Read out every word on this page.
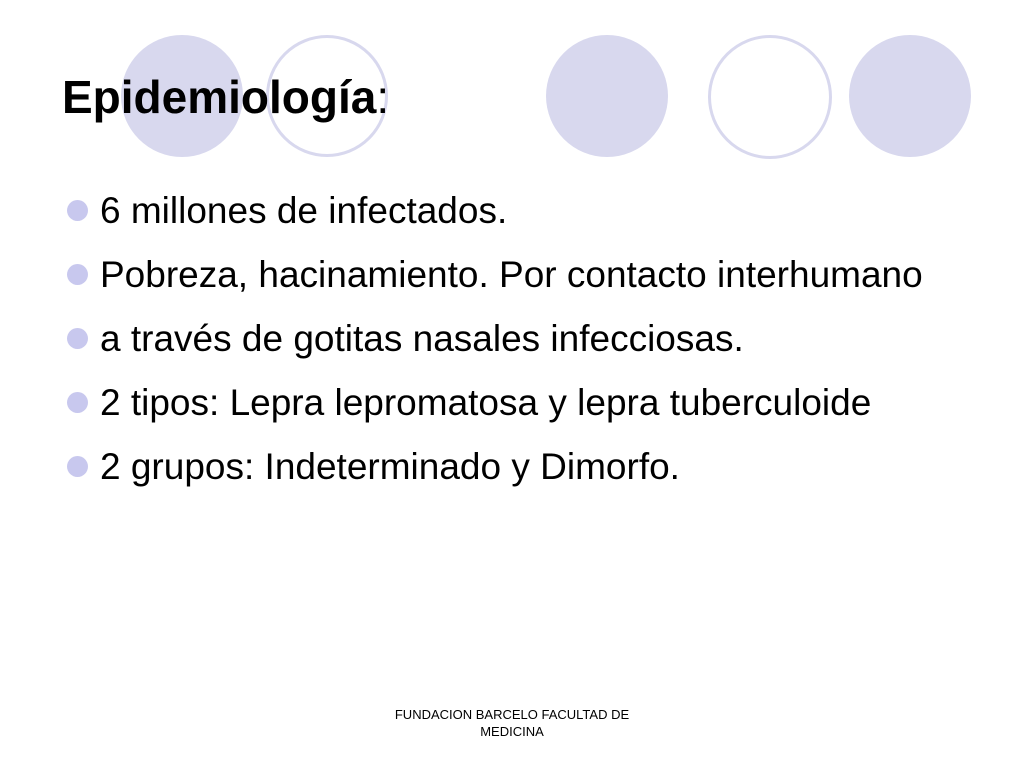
Epidemiología:
6 millones de infectados.
Pobreza, hacinamiento. Por contacto interhumano
a través de gotitas nasales infecciosas.
2 tipos: Lepra lepromatosa y lepra tuberculoide
2 grupos: Indeterminado y Dimorfo.
FUNDACION BARCELO FACULTAD DE
MEDICINA
